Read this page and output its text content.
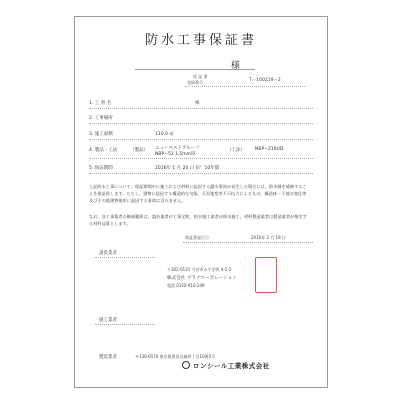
防水工事保証書
様
保 証 書
登録番号	T－160219－2
1. 工 事 名	様
2. 工事場所
3. 施工面積	110.0 ㎡
4. 製品・工法	（製品） ニューベストプルーフ
NBP−51 1.5mm厚
（工法） NBP−210UD
5. 保証期間	2016年 1 月 20 日 0？ 10年間
上記防水工事について，保証期間中に施工および材料に起因する漏水事故が発生した場合には，防水層を補修することを保証致します。ただし，建物に起因する構造的な欠陥，天災地変等不可抗力によるもの，構造体・下地の変化等及びその他建物使用に起因する事故は含みません。
なお，各工事業者の権威範囲は，請負業者が工事全般，防水施工業者が防水施工，材料製造業者は製造業者が指定する材料品質とします。
保証書発行日	2016年 2 月 19 日
請負業者
〒302-0131 守谷市みずき野 4-5-3
株式会社 プラナコーポレーション
電話 0120-910-249
施工業者
製造業者	〒130-6570 東京都墨田区緑四丁目10番5号
ロンシール工業株式会社
